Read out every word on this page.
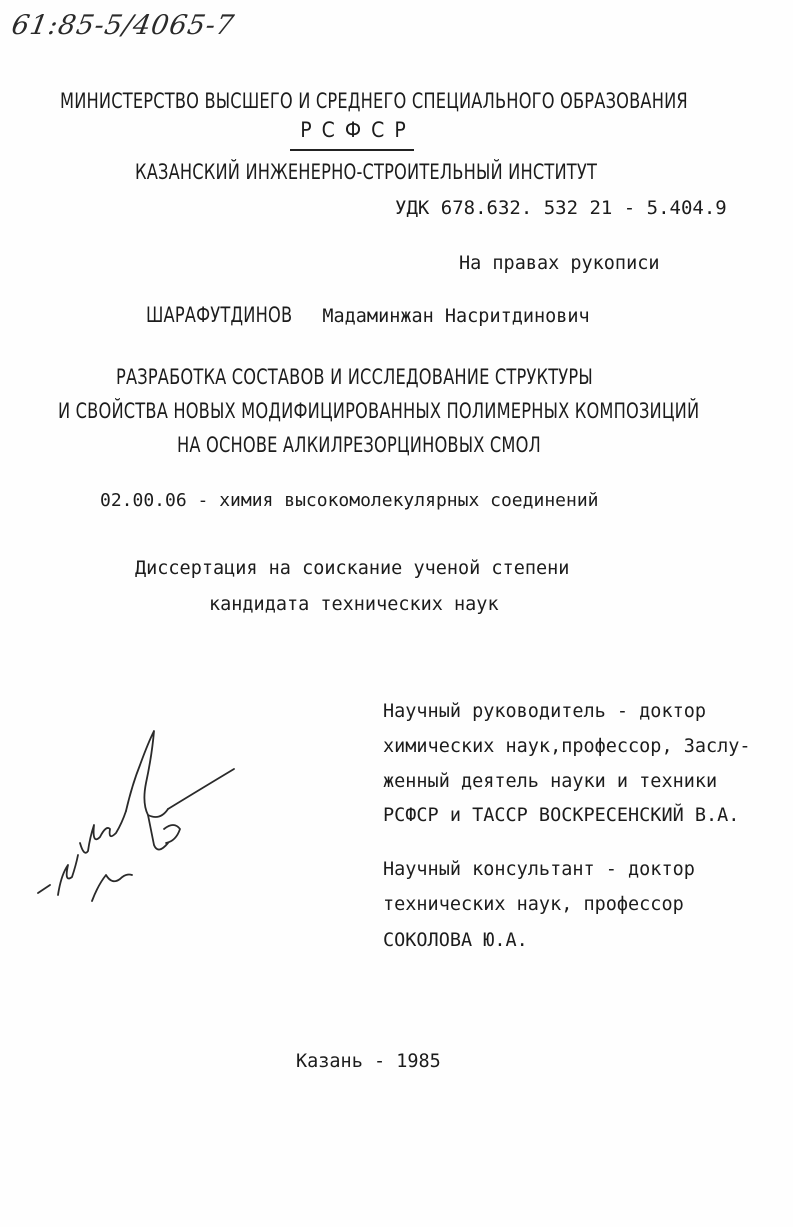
61:85-5/4065-7
МИНИСТЕРСТВО ВЫСШЕГО И СРЕДНЕГО СПЕЦИАЛЬНОГО ОБРАЗОВАНИЯ
Р С Ф С Р
КАЗАНСКИЙ ИНЖЕНЕРНО-СТРОИТЕЛЬНЫЙ ИНСТИТУТ
УДК 678.632. 532 21 - 5.404.9
На правах рукописи
ШАРАФУТДИНОВ Мадаминжан Насритдинович
РАЗРАБОТКА СОСТАВОВ И ИССЛЕДОВАНИЕ СТРУКТУРЫ
И СВОЙСТВА НОВЫХ МОДИФИЦИРОВАННЫХ ПОЛИМЕРНЫХ КОМПОЗИЦИЙ
НА ОСНОВЕ АЛКИЛРЕЗОРЦИНОВЫХ СМОЛ
02.00.06 - химия высокомолекулярных соединений
Диссертация на соискание ученой степени
кандидата технических наук
Научный руководитель - доктор
химических наук,профессор, Заслу-
женный деятель науки и техники
РСФСР и ТАССР ВОСКРЕСЕНСКИЙ В.А.
Научный консультант - доктор
технических наук, профессор
СОКОЛОВА Ю.А.
Казань - 1985
